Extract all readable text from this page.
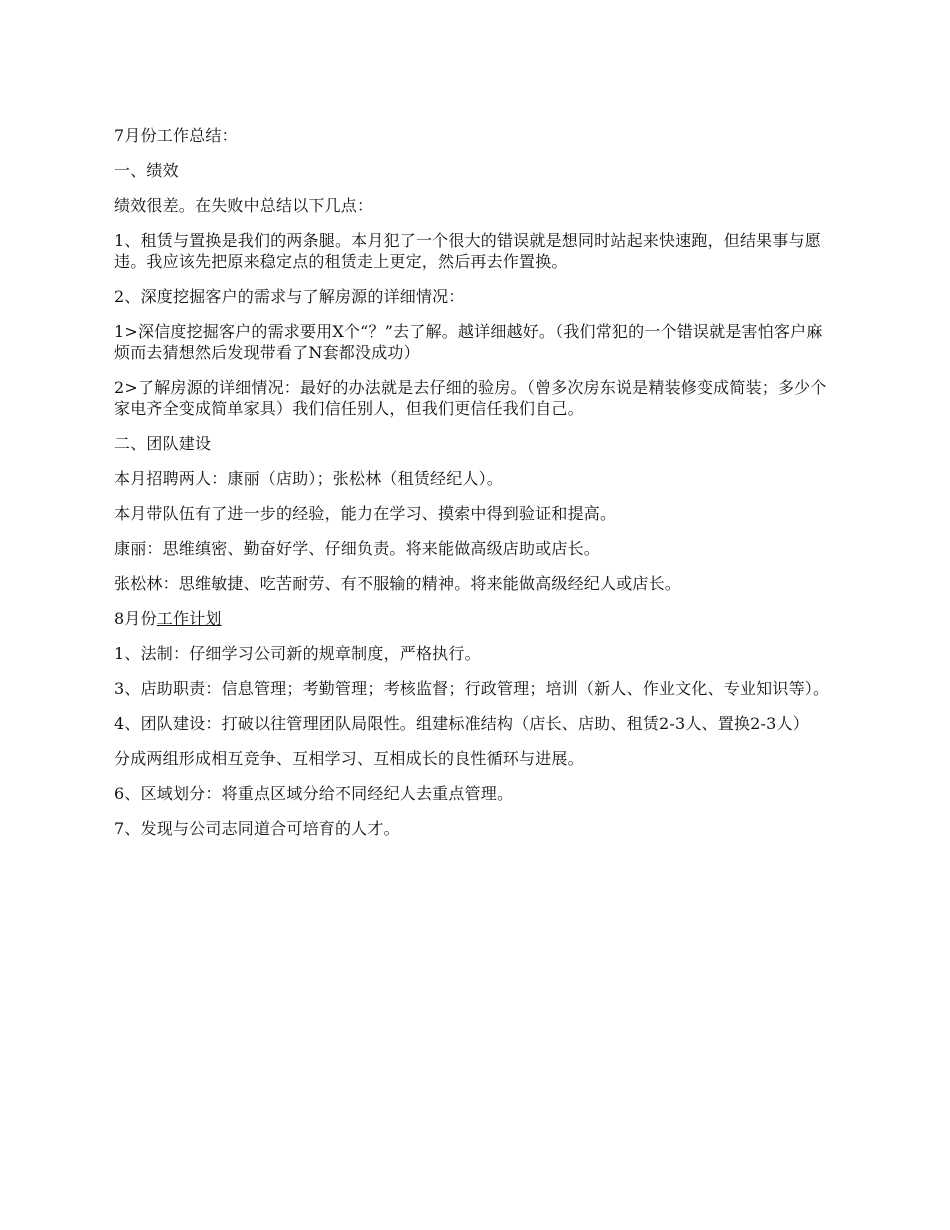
7月份工作总结：

一、绩效

绩效很差。在失败中总结以下几点：

1、租赁与置换是我们的两条腿。本月犯了一个很大的错误就是想同时站起来快速跑，但结果事与愿违。我应该先把原来稳定点的租赁走上更定，然后再去作置换。

2、深度挖掘客户的需求与了解房源的详细情况：

1>深信度挖掘客户的需求要用X个“？”去了解。越详细越好。（我们常犯的一个错误就是害怕客户麻烦而去猜想然后发现带看了N套都没成功）

2>了解房源的详细情况：最好的办法就是去仔细的验房。（曾多次房东说是精装修变成简装；多少个家电齐全变成简单家具）我们信任别人，但我们更信任我们自己。

二、团队建设

本月招聘两人：康丽（店助）；张松林（租赁经纪人）。

本月带队伍有了进一步的经验，能力在学习、摸索中得到验证和提高。

康丽：思维缜密、勤奋好学、仔细负责。将来能做高级店助或店长。

张松林：思维敏捷、吃苦耐劳、有不服输的精神。将来能做高级经纪人或店长。

8月份工作计划

1、法制：仔细学习公司新的规章制度，严格执行。

3、店助职责：信息管理；考勤管理；考核监督；行政管理；培训（新人、作业文化、专业知识等）。

4、团队建设：打破以往管理团队局限性。组建标准结构（店长、店助、租赁2-3人、置换2-3人）

分成两组形成相互竞争、互相学习、互相成长的良性循环与进展。

6、区域划分：将重点区域分给不同经纪人去重点管理。

7、发现与公司志同道合可培育的人才。
